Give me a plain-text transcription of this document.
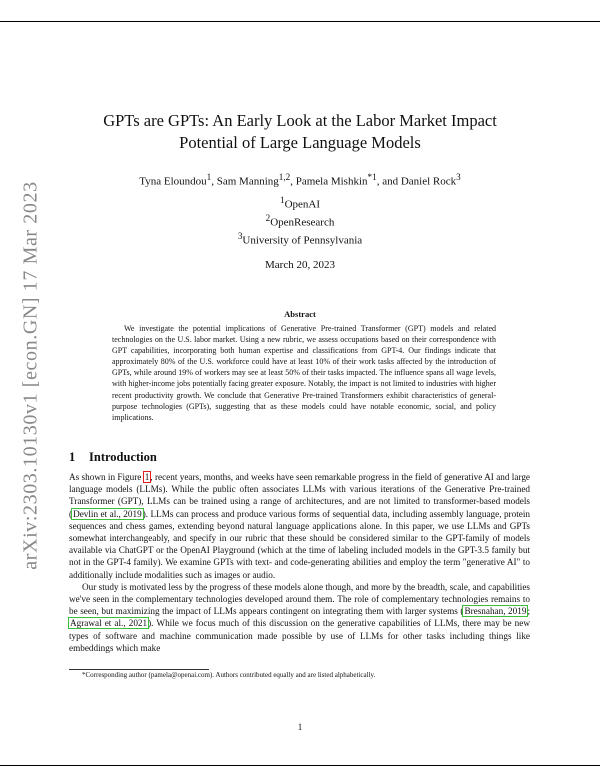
arXiv:2303.10130v1 [econ.GN] 17 Mar 2023
GPTs are GPTs: An Early Look at the Labor Market Impact
Potential of Large Language Models
Tyna Eloundou$^1$, Sam Manning$^{1,2}$, Pamela Mishkin$^{*1}$, and Daniel Rock$^3$
$^1$OpenAI
$^2$OpenResearch
$^3$University of Pennsylvania
March 20, 2023
Abstract

We investigate the potential implications of Generative Pre-trained Transformer (GPT) models and related technologies on the U.S. labor market. Using a new rubric, we assess occupations based on their correspondence with GPT capabilities, incorporating both human expertise and classifications from GPT-4. Our findings indicate that approximately 80% of the U.S. workforce could have at least 10% of their work tasks affected by the introduction of GPTs, while around 19% of workers may see at least 50% of their tasks impacted. The influence spans all wage levels, with higher-income jobs potentially facing greater exposure. Notably, the impact is not limited to industries with higher recent productivity growth. We conclude that Generative Pre-trained Transformers exhibit characteristics of general-purpose technologies (GPTs), suggesting that as these models could have notable economic, social, and policy implications.

1 Introduction

As shown in Figure 1, recent years, months, and weeks have seen remarkable progress in the field of generative AI and large language models (LLMs). While the public often associates LLMs with various iterations of the Generative Pre-trained Transformer (GPT), LLMs can be trained using a range of architectures, and are not limited to transformer-based models (Devlin et al., 2019). LLMs can process and produce various forms of sequential data, including assembly language, protein sequences and chess games, extending beyond natural language applications alone. In this paper, we use LLMs and GPTs somewhat interchangeably, and specify in our rubric that these should be considered similar to the GPT-family of models available via ChatGPT or the OpenAI Playground (which at the time of labeling included models in the GPT-3.5 family but not in the GPT-4 family). We examine GPTs with text- and code-generating abilities and employ the term "generative AI" to additionally include modalities such as images or audio.

Our study is motivated less by the progress of these models alone though, and more by the breadth, scale, and capabilities we've seen in the complementary technologies developed around them. The role of complementary technologies remains to be seen, but maximizing the impact of LLMs appears contingent on integrating them with larger systems (Bresnahan, 2019; Agrawal et al., 2021). While we focus much of this discussion on the generative capabilities of LLMs, there may be new types of software and machine communication made possible by use of LLMs for other tasks including things like embeddings which make

*Corresponding author (pamela@openai.com). Authors contributed equally and are listed alphabetically.
1
